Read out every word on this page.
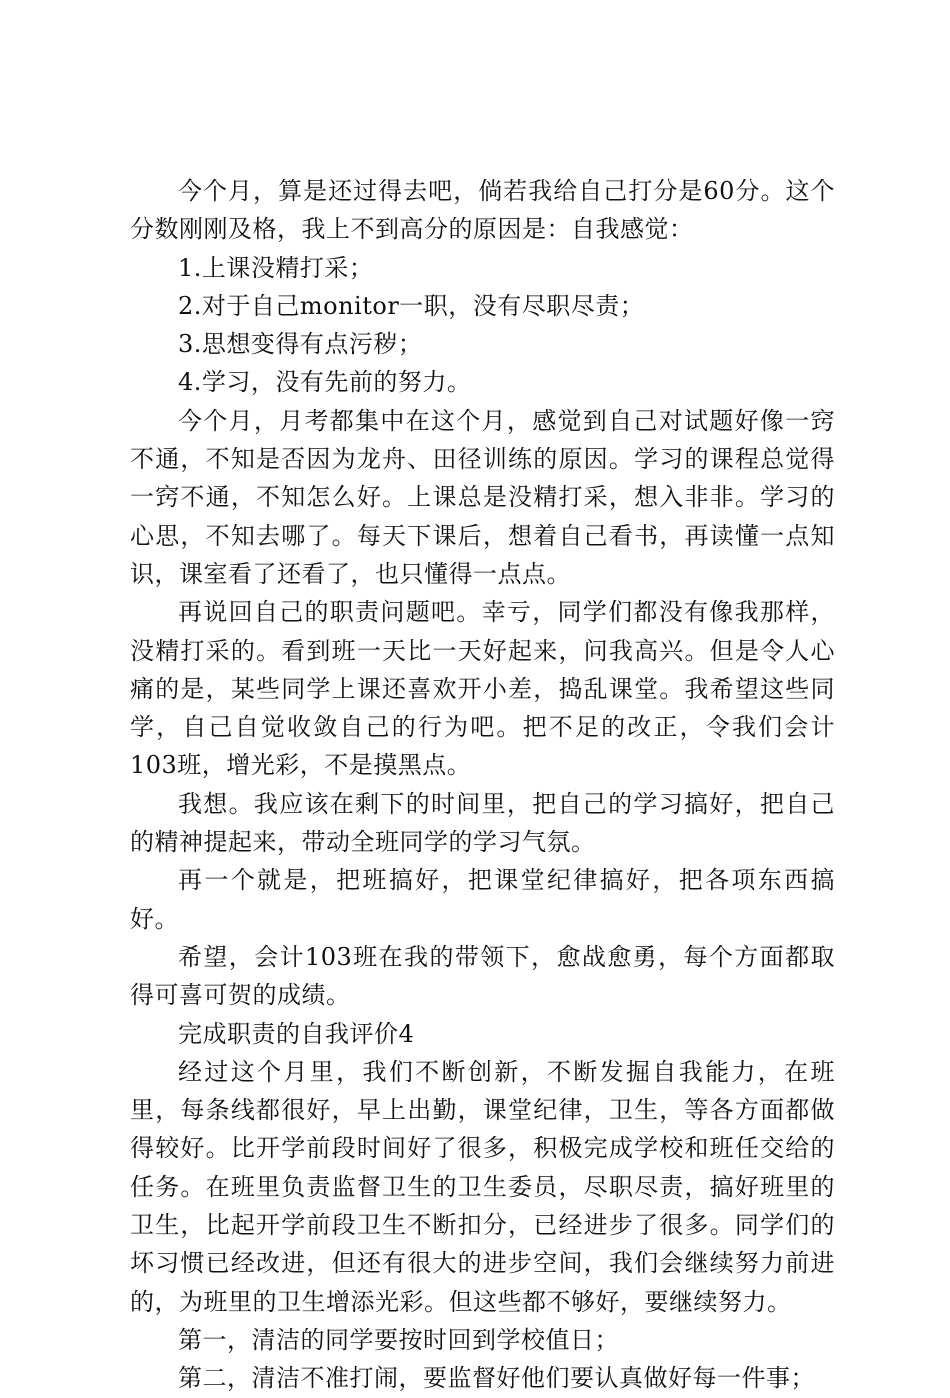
今个月，算是还过得去吧，倘若我给自己打分是60分。这个分数刚刚及格，我上不到高分的原因是：自我感觉：

1.上课没精打采；

2.对于自己monitor一职，没有尽职尽责；

3.思想变得有点污秽；

4.学习，没有先前的努力。

今个月，月考都集中在这个月，感觉到自己对试题好像一窍不通，不知是否因为龙舟、田径训练的原因。学习的课程总觉得一窍不通，不知怎么好。上课总是没精打采，想入非非。学习的心思，不知去哪了。每天下课后，想着自己看书，再读懂一点知识，课室看了还看了，也只懂得一点点。

再说回自己的职责问题吧。幸亏，同学们都没有像我那样，没精打采的。看到班一天比一天好起来，问我高兴。但是令人心痛的是，某些同学上课还喜欢开小差，捣乱课堂。我希望这些同学，自己自觉收敛自己的行为吧。把不足的改正，令我们会计103班，增光彩，不是摸黑点。

我想。我应该在剩下的时间里，把自己的学习搞好，把自己的精神提起来，带动全班同学的学习气氛。

再一个就是，把班搞好，把课堂纪律搞好，把各项东西搞好。

希望，会计103班在我的带领下，愈战愈勇，每个方面都取得可喜可贺的成绩。

完成职责的自我评价4

经过这个月里，我们不断创新，不断发掘自我能力，在班里，每条线都很好，早上出勤，课堂纪律，卫生，等各方面都做得较好。比开学前段时间好了很多，积极完成学校和班任交给的任务。在班里负责监督卫生的卫生委员，尽职尽责，搞好班里的卫生，比起开学前段卫生不断扣分，已经进步了很多。同学们的坏习惯已经改进，但还有很大的进步空间，我们会继续努力前进的，为班里的卫生增添光彩。但这些都不够好，要继续努力。

第一，清洁的同学要按时回到学校值日；

第二，清洁不准打闹，要监督好他们要认真做好每一件事；
